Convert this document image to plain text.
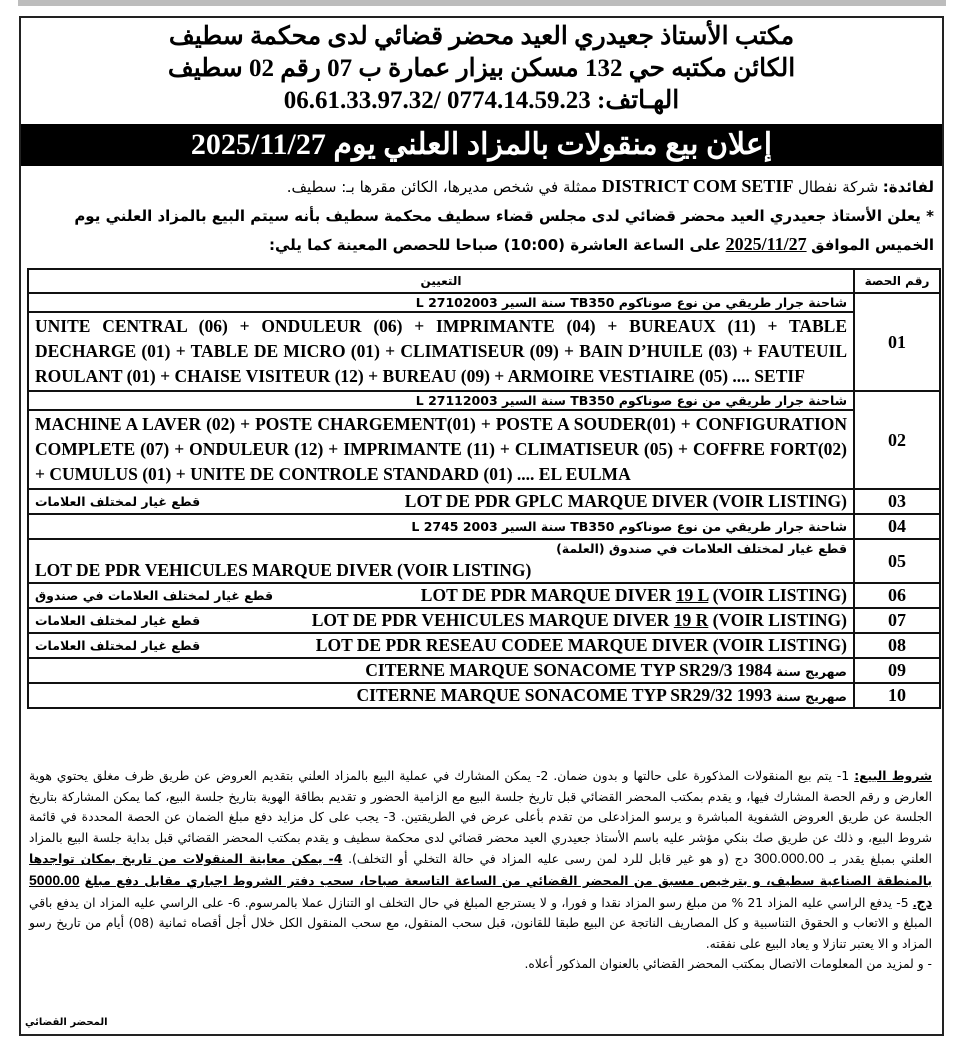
مكتب الأستاذ جعيدري العيد محضر قضائي لدى محكمة سطيف
الكائن مكتبه حي 132 مسكن بيزار عمارة ب 07 رقم 02 سطيف
الهـاتف: 0774.14.59.23 /06.61.33.97.32
إعلان بيع منقولات بالمزاد العلني يوم 2025/11/27
لفائدة: شركة نفطال DISTRICT COM SETIF ممثلة في شخص مديرها، الكائن مقرها بـ: سطيف.
* يعلن الأستاذ جعيدري العيد محضر قضائي لدى مجلس قضاء سطيف محكمة سطيف بأنه سيتم البيع بالمزاد العلني يوم الخميس الموافق 2025/11/27 على الساعة العاشرة (10:00) صباحا للحصص المعينة كما يلي:
رقم الحصة	التعيين
01	شاحنة جرار طريقي من نوع صوناكوم TB350 سنة السير 27102003 L
	UNITE CENTRAL (06) + ONDULEUR (06) + IMPRIMANTE (04) + BUREAUX (11) + TABLE DECHARGE (01) + TABLE DE MICRO (01) + CLIMATISEUR (09) + BAIN D’HUILE (03) + FAUTEUIL ROULANT (01) + CHAISE VISITEUR (12) + BUREAU (09) + ARMOIRE VESTIAIRE (05) .... SETIF
02	شاحنة جرار طريقي من نوع صوناكوم TB350 سنة السير 27112003 L
	MACHINE A LAVER (02) + POSTE CHARGEMENT(01) + POSTE A SOUDER(01) + CONFIGURATION COMPLETE (07) + ONDULEUR (12) + IMPRIMANTE (11) + CLIMATISEUR (05) + COFFRE FORT(02) + CUMULUS (01) + UNITE DE CONTROLE STANDARD (01) .... EL EULMA
03	قطع غيار لمختلف العلامات LOT DE PDR GPLC MARQUE DIVER (VOIR LISTING)

04	شاحنة جرار طريقي من نوع صوناكوم TB350 سنة السير 2003 2745 L
05	قطع غيار لمختلف العلامات في صندوق (العلمة)
LOT DE PDR VEHICULES MARQUE DIVER (VOIR LISTING)

06	قطع غيار لمختلف العلامات في صندوق LOT DE PDR MARQUE DIVER 19 L (VOIR LISTING)

07	قطع غيار لمختلف العلامات LOT DE PDR VEHICULES MARQUE DIVER 19 R (VOIR LISTING)

08	قطع غيار لمختلف العلامات LOT DE PDR RESEAU CODEE MARQUE DIVER (VOIR LISTING)

09	صهريج سنة CITERNE MARQUE SONACOME TYP SR29/3 1984
10	صهريج سنة CITERNE MARQUE SONACOME TYP SR29/32 1993
شروط البيع: 1- يتم بيع المنقولات المذكورة على حالتها و بدون ضمان. 2- يمكن المشارك في عملية البيع بالمزاد العلني بتقديم العروض عن طريق ظرف مغلق يحتوي هوية العارض و رقم الحصة المشارك فيها، و يقدم بمكتب المحضر القضائي قبل تاريخ جلسة البيع مع الزامية الحضور و تقديم بطاقة الهوية بتاريخ جلسة البيع، كما يمكن المشاركة بتاريخ الجلسة عن طريق العروض الشفوية المباشرة و يرسو المزادعلى من تقدم بأعلى عرض في الطريقتين. 3- يجب على كل مزايد دفع مبلغ الضمان عن الحصة المحددة في قائمة شروط البيع، و ذلك عن طريق صك بنكي مؤشر عليه باسم الأستاذ جعيدري العيد محضر قضائي لدى محكمة سطيف و يقدم بمكتب المحضر القضائي قبل بداية جلسة البيع بالمزاد العلني بمبلغ يقدر بـ 300.000.00 دج (و هو غير قابل للرد لمن رسى عليه المزاد في حالة التخلي أو التخلف). 4- يمكن معاينة المنقولات من تاريخ بمكان تواجدها بالمنطقة الصناعية سطيف، و بترخيص مسبق من المحضر القضائي من الساعة التاسعة صباحا، سحب دفتر الشروط اجباري مقابل دفع مبلغ 5000.00 دج. 5- يدفع الراسي عليه المزاد 21 % من مبلغ رسو المزاد نقدا و فورا، و لا يسترجع المبلغ في حال التخلف او التنازل عملا بالمرسوم. 6- على الراسي عليه المزاد ان يدفع باقي المبلغ و الاتعاب و الحقوق التناسبية و كل المصاريف الناتجة عن البيع طبقا للقانون، قبل سحب المنقول، مع سحب المنقول الكل خلال أجل أقصاه ثمانية (08) أيام من تاريخ رسو المزاد و الا يعتبر تنازلا و يعاد البيع على نفقته.
- و لمزيد من المعلومات الاتصال بمكتب المحضر القضائي بالعنوان المذكور أعلاه.
المحضر القضائي
